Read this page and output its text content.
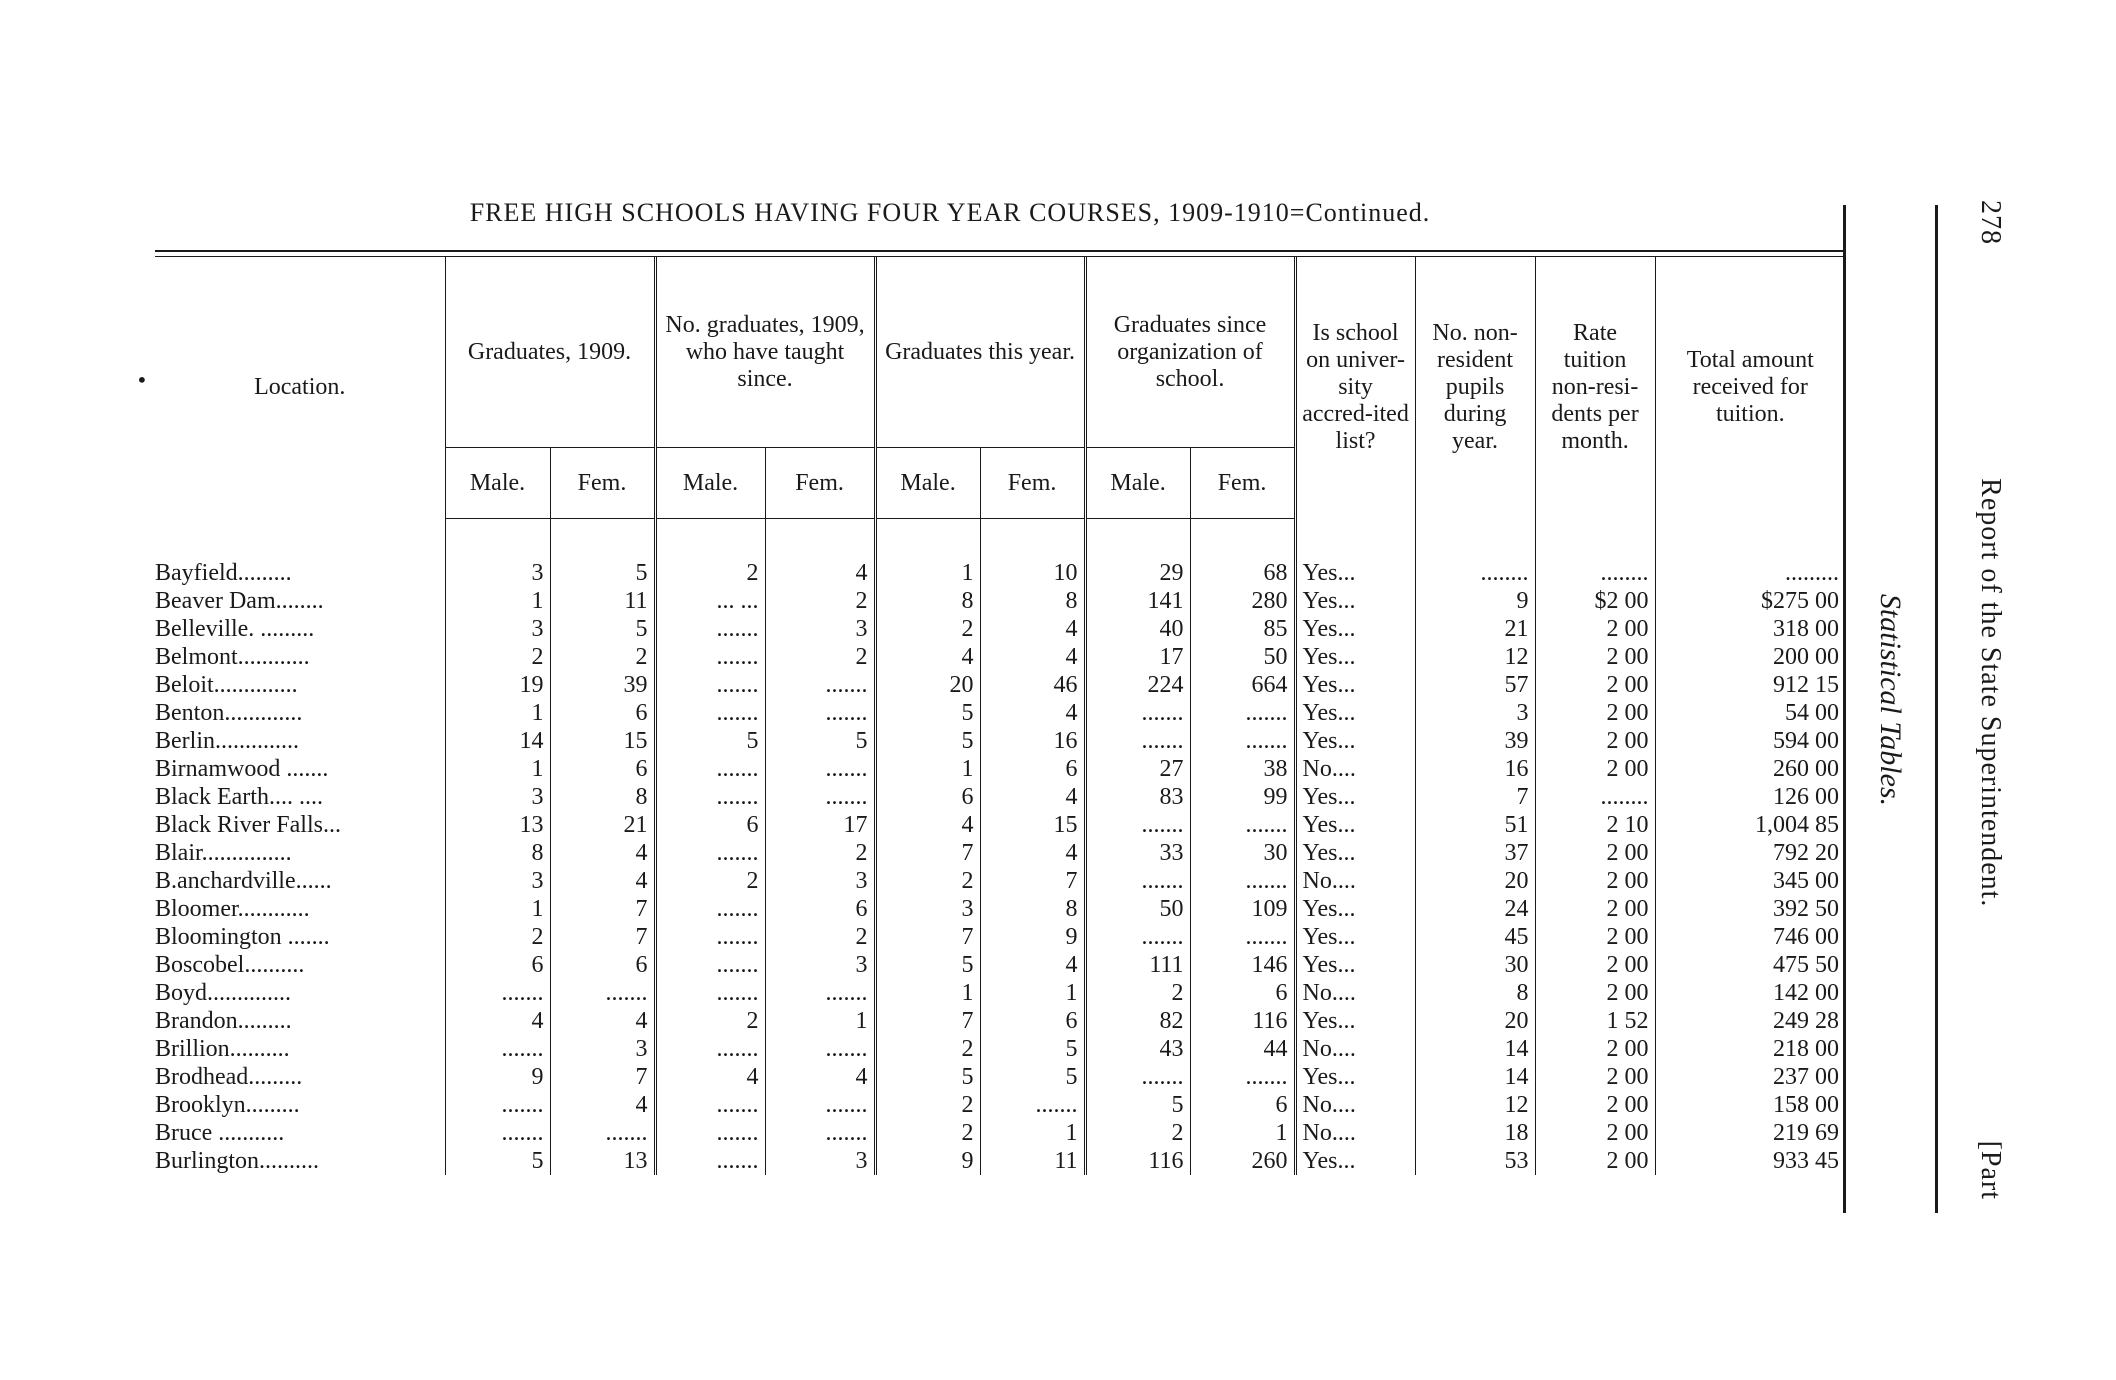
•
FREE HIGH SCHOOLS HAVING FOUR YEAR COURSES, 1909-1910=Continued.
Location.	Graduates, 1909.		No. graduates, 1909, who have taught since.		Graduates this year.		Graduates since organization of school.		Is school on univer-sity accred-ited list?	No. non-resident pupils during year.	Rate tuition non-resi-dents per month.	Total amount received for tuition.
	Male.	Fem.	Male.	Fem.	Male.	Fem.	Male.	Fem.				

Bayfield.........	3	5	2	4	1	10	29	68	Yes...	........	........	.........
Beaver Dam........	1	11	... ...	2	8	8	141	280	Yes...	9	$2 00	$275 00
Belleville. .........	3	5	.......	3	2	4	40	85	Yes...	21	2 00	318 00
Belmont............	2	2	.......	2	4	4	17	50	Yes...	12	2 00	200 00
Beloit..............	19	39	.......	.......	20	46	224	664	Yes...	57	2 00	912 15
Benton.............	1	6	.......	.......	5	4	.......	.......	Yes...	3	2 00	54 00
Berlin..............	14	15	5	5	5	16	.......	.......	Yes...	39	2 00	594 00
Birnamwood .......	1	6	.......	.......	1	6	27	38	No....	16	2 00	260 00
Black Earth.... ....	3	8	.......	.......	6	4	83	99	Yes...	7	........	126 00
Black River Falls...	13	21	6	17	4	15	.......	.......	Yes...	51	2 10	1,004 85
Blair...............	8	4	.......	2	7	4	33	30	Yes...	37	2 00	792 20
B.anchardville......	3	4	2	3	2	7	.......	.......	No....	20	2 00	345 00
Bloomer............	1	7	.......	6	3	8	50	109	Yes...	24	2 00	392 50
Bloomington .......	2	7	.......	2	7	9	.......	.......	Yes...	45	2 00	746 00
Boscobel..........	6	6	.......	3	5	4	111	146	Yes...	30	2 00	475 50
Boyd..............	.......	.......	.......	.......	1	1	2	6	No....	8	2 00	142 00
Brandon.........	4	4	2	1	7	6	82	116	Yes...	20	1 52	249 28
Brillion..........	.......	3	.......	.......	2	5	43	44	No....	14	2 00	218 00
Brodhead.........	9	7	4	4	5	5	.......	.......	Yes...	14	2 00	237 00
Brooklyn.........	.......	4	.......	.......	2	.......	5	6	No....	12	2 00	158 00
Bruce ...........	.......	.......	.......	.......	2	1	2	1	No....	18	2 00	219 69
Burlington..........	5	13	.......	3	9	11	116	260	Yes...	53	2 00	933 45
Statistical Tables.
278
Report of the State Superintendent.
[Part
